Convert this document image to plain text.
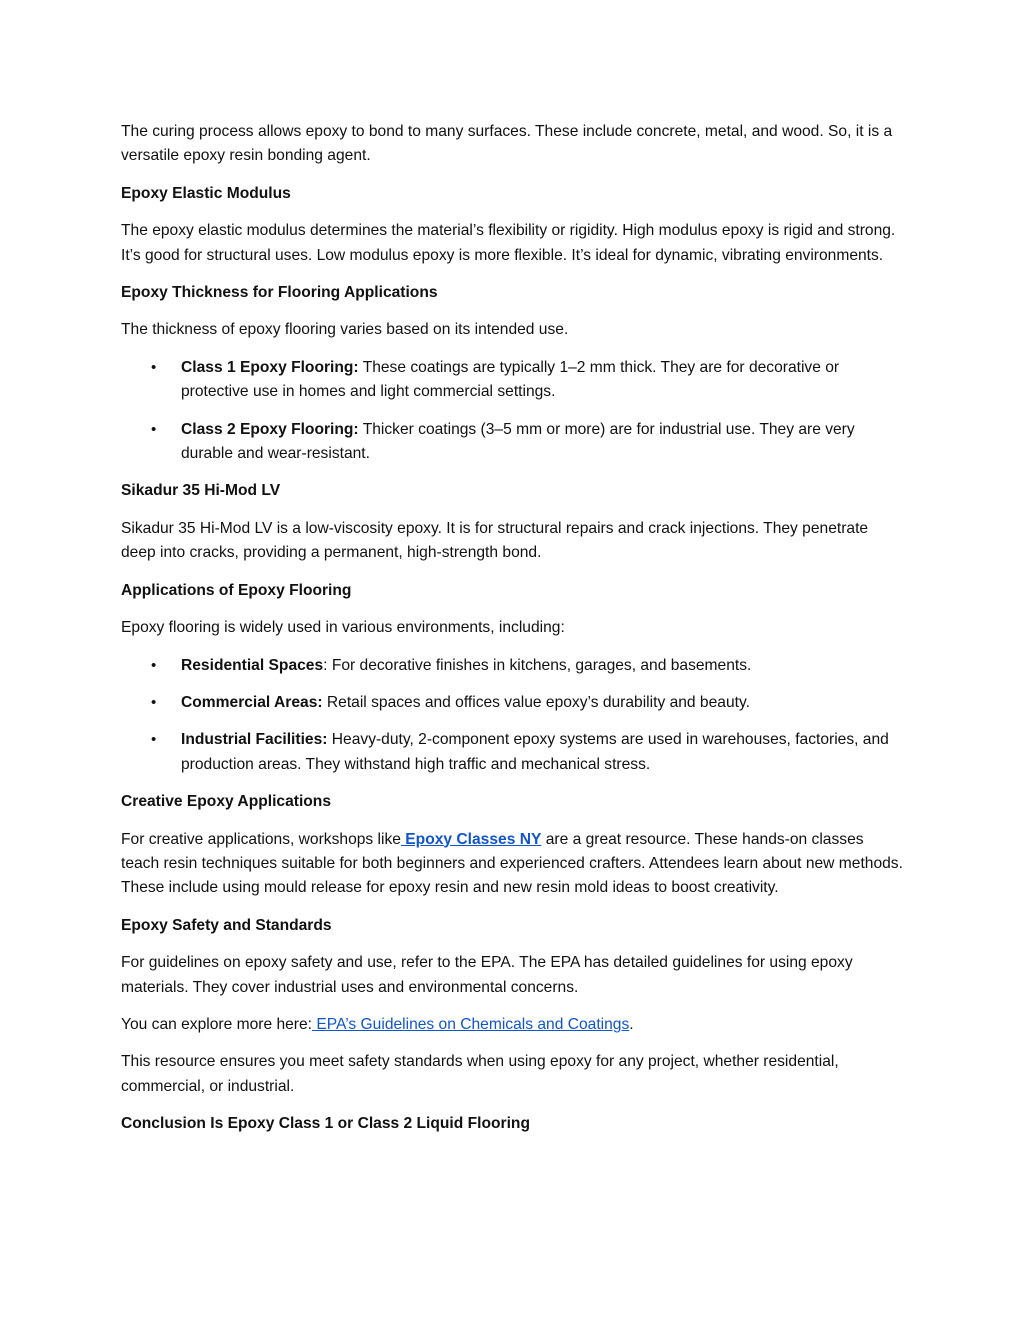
The curing process allows epoxy to bond to many surfaces. These include concrete, metal, and wood. So, it is a versatile epoxy resin bonding agent.

Epoxy Elastic Modulus

The epoxy elastic modulus determines the material’s flexibility or rigidity. High modulus epoxy is rigid and strong. It’s good for structural uses. Low modulus epoxy is more flexible. It’s ideal for dynamic, vibrating environments.

Epoxy Thickness for Flooring Applications

The thickness of epoxy flooring varies based on its intended use.

• Class 1 Epoxy Flooring: These coatings are typically 1–2 mm thick. They are for decorative or protective use in homes and light commercial settings.
• Class 2 Epoxy Flooring: Thicker coatings (3–5 mm or more) are for industrial use. They are very durable and wear-resistant.

Sikadur 35 Hi-Mod LV

Sikadur 35 Hi-Mod LV is a low-viscosity epoxy. It is for structural repairs and crack injections. They penetrate deep into cracks, providing a permanent, high-strength bond.

Applications of Epoxy Flooring

Epoxy flooring is widely used in various environments, including:

• Residential Spaces: For decorative finishes in kitchens, garages, and basements.
• Commercial Areas: Retail spaces and offices value epoxy’s durability and beauty.
• Industrial Facilities: Heavy-duty, 2-component epoxy systems are used in warehouses, factories, and production areas. They withstand high traffic and mechanical stress.

Creative Epoxy Applications

For creative applications, workshops like Epoxy Classes NY are a great resource. These hands-on classes teach resin techniques suitable for both beginners and experienced crafters. Attendees learn about new methods. These include using mould release for epoxy resin and new resin mold ideas to boost creativity.

Epoxy Safety and Standards

For guidelines on epoxy safety and use, refer to the EPA. The EPA has detailed guidelines for using epoxy materials. They cover industrial uses and environmental concerns.

You can explore more here: EPA’s Guidelines on Chemicals and Coatings.

This resource ensures you meet safety standards when using epoxy for any project, whether residential, commercial, or industrial.

Conclusion Is Epoxy Class 1 or Class 2 Liquid Flooring
